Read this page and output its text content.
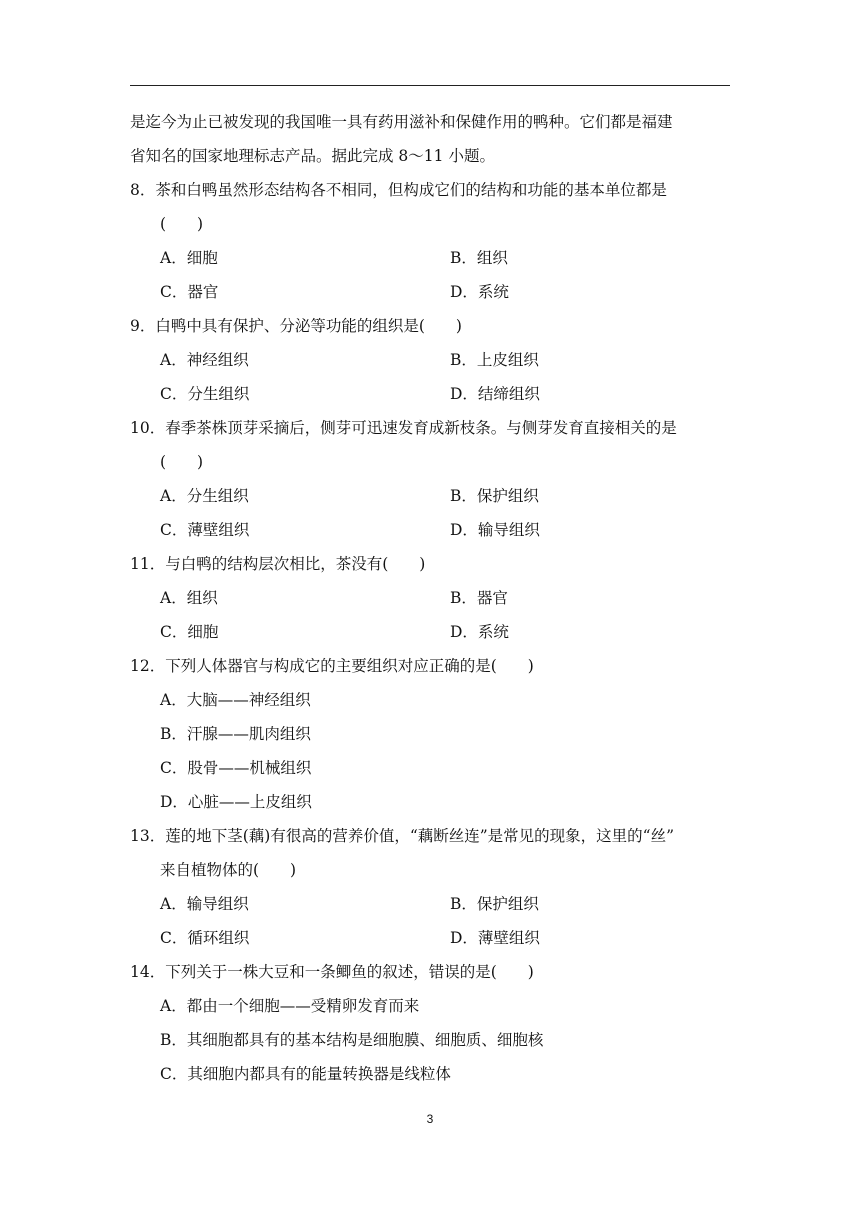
是迄今为止已被发现的我国唯一具有药用滋补和保健作用的鸭种。它们都是福建

省知名的国家地理标志产品。据此完成 8～11 小题。

8．茶和白鸭虽然形态结构各不相同，但构成它们的结构和功能的基本单位都是
(　　)
A．细胞	B．组织
C．器官	D．系统
9．白鸭中具有保护、分泌等功能的组织是(　　)
A．神经组织	B．上皮组织
C．分生组织	D．结缔组织
10．春季茶株顶芽采摘后，侧芽可迅速发育成新枝条。与侧芽发育直接相关的是
(　　)
A．分生组织	B．保护组织
C．薄壁组织	D．输导组织
11．与白鸭的结构层次相比，茶没有(　　)
A．组织	B．器官
C．细胞	D．系统
12．下列人体器官与构成它的主要组织对应正确的是(　　)
A．大脑——神经组织
B．汗腺——肌肉组织
C．股骨——机械组织
D．心脏——上皮组织
13．莲的地下茎(藕)有很高的营养价值，“藕断丝连”是常见的现象，这里的“丝”
来自植物体的(　　)
A．输导组织	B．保护组织
C．循环组织	D．薄壁组织
14．下列关于一株大豆和一条鲫鱼的叙述，错误的是(　　)
A．都由一个细胞——受精卵发育而来
B．其细胞都具有的基本结构是细胞膜、细胞质、细胞核
C．其细胞内都具有的能量转换器是线粒体
3
